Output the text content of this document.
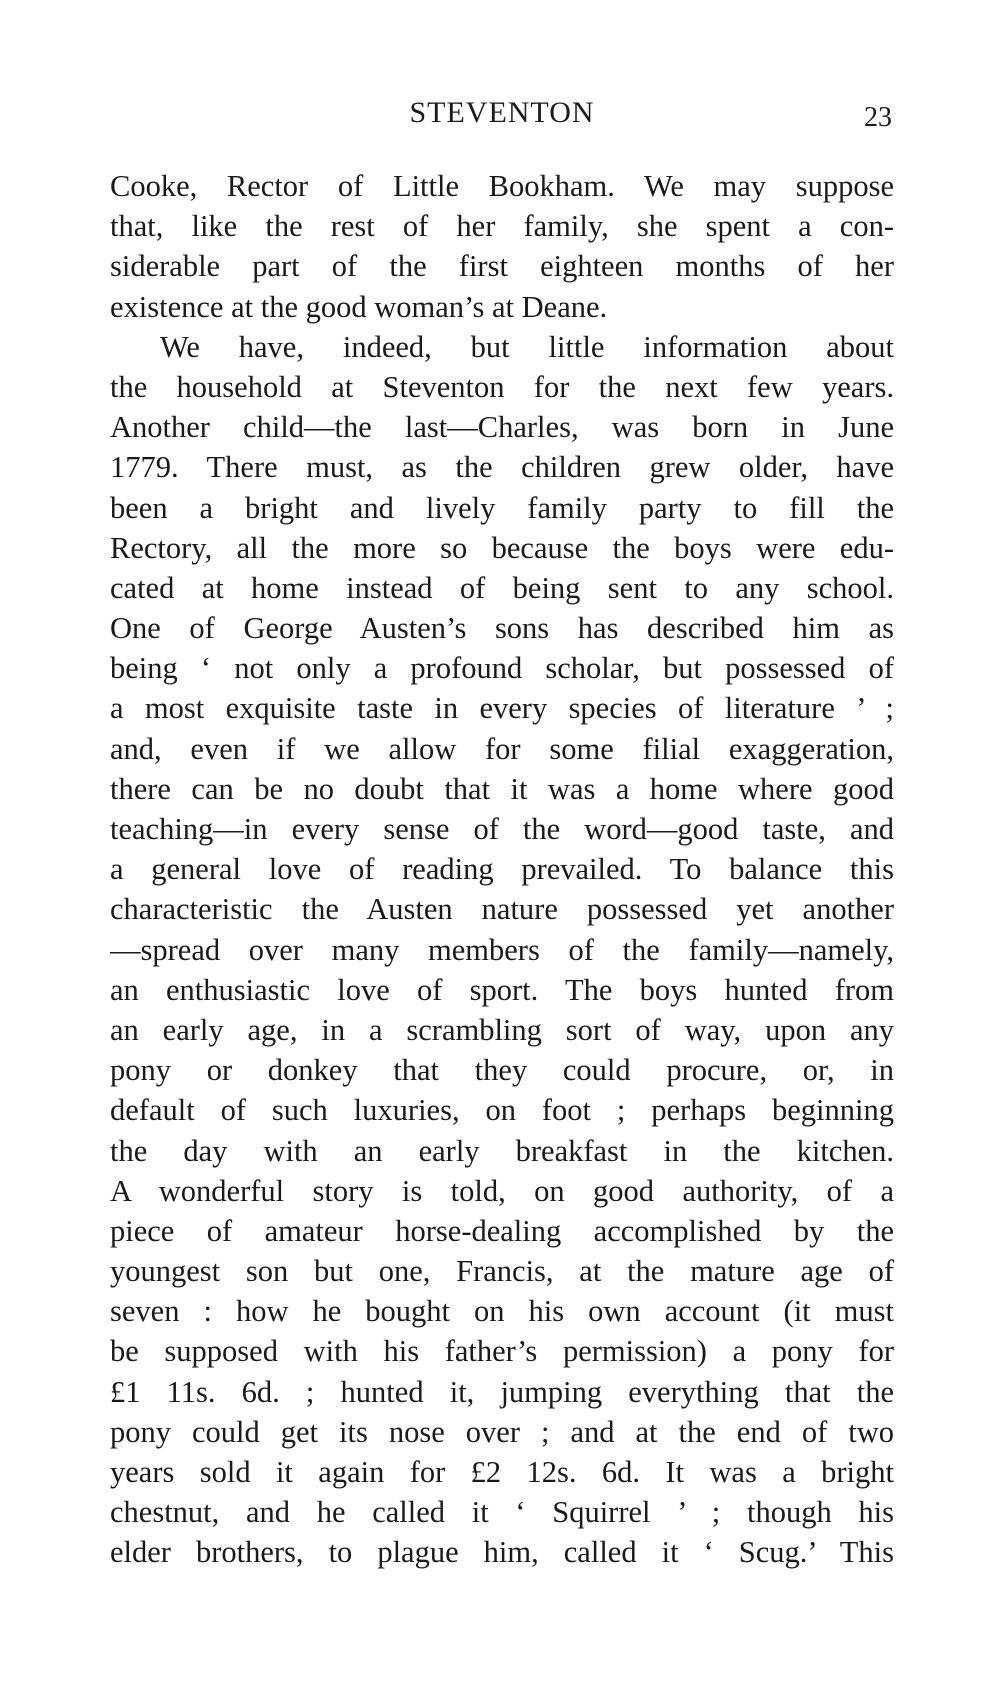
STEVENTON	23
Cooke, Rector of Little Bookham. We may suppose
that, like the rest of her family, she spent a con-
siderable part of the first eighteen months of her
existence at the good woman’s at Deane.
We have, indeed, but little information about
the household at Steventon for the next few years.
Another child—the last—Charles, was born in June
1779. There must, as the children grew older, have
been a bright and lively family party to fill the
Rectory, all the more so because the boys were edu-
cated at home instead of being sent to any school.
One of George Austen’s sons has described him as
being ‘ not only a profound scholar, but possessed of
a most exquisite taste in every species of literature ’ ;
and, even if we allow for some filial exaggeration,
there can be no doubt that it was a home where good
teaching—in every sense of the word—good taste, and
a general love of reading prevailed. To balance this
characteristic the Austen nature possessed yet another
—spread over many members of the family—namely,
an enthusiastic love of sport. The boys hunted from
an early age, in a scrambling sort of way, upon any
pony or donkey that they could procure, or, in
default of such luxuries, on foot ; perhaps beginning
the day with an early breakfast in the kitchen.
A wonderful story is told, on good authority, of a
piece of amateur horse-dealing accomplished by the
youngest son but one, Francis, at the mature age of
seven : how he bought on his own account (it must
be supposed with his father’s permission) a pony for
£1 11s. 6d. ; hunted it, jumping everything that the
pony could get its nose over ; and at the end of two
years sold it again for £2 12s. 6d. It was a bright
chestnut, and he called it ‘ Squirrel ’ ; though his
elder brothers, to plague him, called it ‘ Scug.’ This
